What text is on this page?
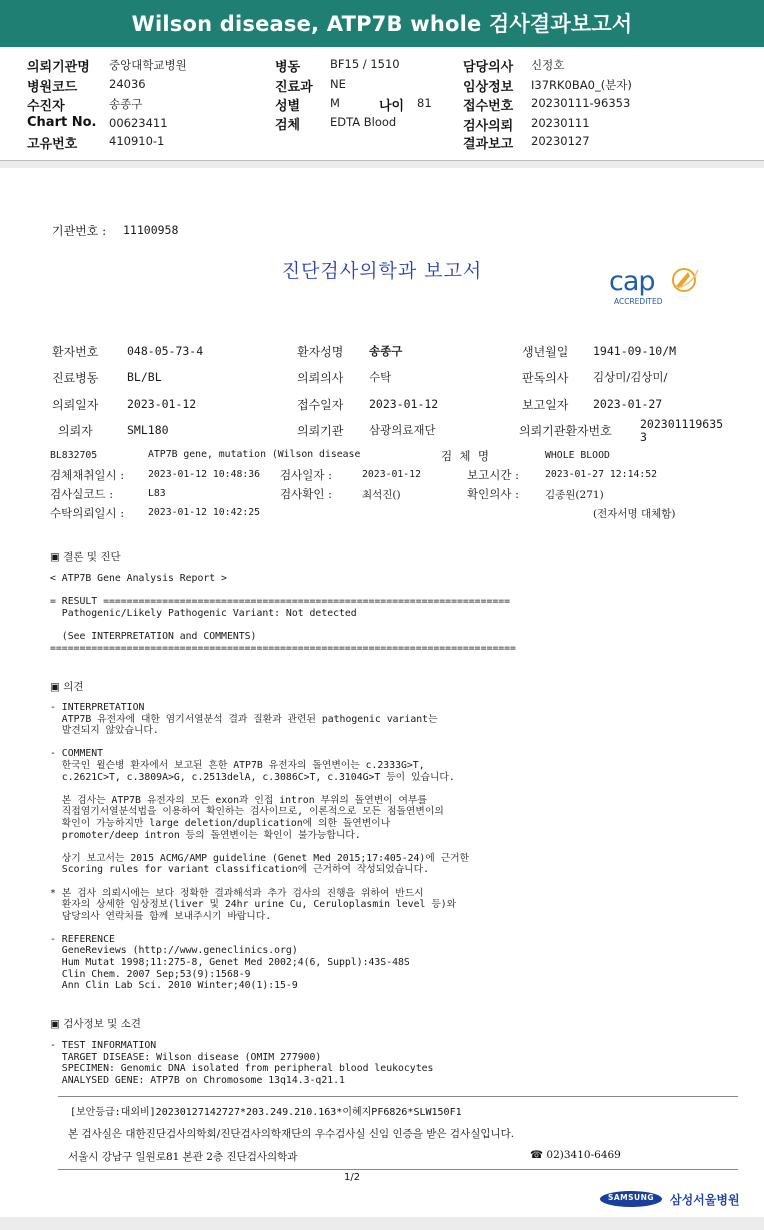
Wilson disease, ATP7B whole 검사결과보고서
의뢰기관명 중앙대학교병원
병원코드	24036
수진자	송종구
Chart No. 00623411
고유번호	410910-1
병동	BF15 / 1510
진료과 NE
성별	M	나이 81
검체	EDTA Blood
담당의사 신정호
임상정보 I37RK0BA0_(분자)
접수번호 20230111-96353
검사의뢰 20230111
결과보고 20230127
기관번호 : 11100958
진단검사의학과 보고서	cap
ACCREDITED
환자번호 048-05-73-4	환자성명 송종구	생년월일 1941-09-10/M
진료병동 BL/BL	의뢰의사 수탁	판독의사 김상미/김상미/
의뢰일자 2023-01-12	접수일자 2023-01-12	보고일자 2023-01-27
의뢰자	SML180	의뢰기관 삼광의료재단	의뢰기관환자번호 202301119635
3
BL832705	ATP7B gene, mutation (Wilson disease	검  체  명	WHOLE BLOOD
검체채취일시 : 2023-01-12 10:48:36 검사일자 :	2023-01-12	보고시간 :	2023-01-27 12:14:52
검사실코드 :	L83	검사확인 :	최석진()	확인의사 : 김종원(271)
수탁의뢰일시 : 2023-01-12 10:42:25	(전자서명 대체함)
▣ 결론 및 진단
< ATP7B Gene Analysis Report >

= RESULT =====================================================================
Pathogenic/Likely Pathogenic Variant: Not detected

(See INTERPRETATION and COMMENTS)
===============================================================================
▣ 의견
- INTERPRETATION
ATP7B 유전자에 대한 염기서열분석 결과 질환과 관련된 pathogenic variant는
발견되지 않았습니다.

- COMMENT
한국인 윌슨병 환자에서 보고된 흔한 ATP7B 유전자의 돌연변이는 c.2333G>T,
c.2621C>T, c.3809A>G, c.2513delA, c.3086C>T, c.3104G>T 등이 있습니다.

본 검사는 ATP7B 유전자의 모든 exon과 인접 intron 부위의 돌연변이 여부를
직접염기서열분석법을 이용하여 확인하는 검사이므로, 이론적으로 모든 점돌연변이의
확인이 가능하지만 large deletion/duplication에 의한 돌연변이나
promoter/deep intron 등의 돌연변이는 확인이 불가능합니다.

상기 보고서는 2015 ACMG/AMP guideline (Genet Med 2015;17:405-24)에 근거한
Scoring rules for variant classification에 근거하여 작성되었습니다.

* 본 검사 의뢰시에는 보다 정확한 결과해석과 추가 검사의 진행을 위하여 반드시
환자의 상세한 임상정보(liver 및 24hr urine Cu, Ceruloplasmin level 등)와
담당의사 연락처를 함께 보내주시기 바랍니다.

- REFERENCE
GeneReviews (http://www.geneclinics.org)
Hum Mutat 1998;11:275-8, Genet Med 2002;4(6, Suppl):43S-48S
Clin Chem. 2007 Sep;53(9):1568-9
Ann Clin Lab Sci. 2010 Winter;40(1):15-9
▣ 검사정보 및 소견
- TEST INFORMATION
TARGET DISEASE: Wilson disease (OMIM 277900)
SPECIMEN: Genomic DNA isolated from peripheral blood leukocytes
ANALYSED GENE: ATP7B on Chromosome 13q14.3-q21.1
[보안등급:대외비]20230127142727*203.249.210.163*이혜지PF6826*SLW150F1
본 검사실은 대한진단검사의학회/진단검사의학재단의 우수검사실 신임 인증을 받은 검사실입니다.
서울시 강남구 일원로81 본관 2층 진단검사의학과	☎ 02)3410-6469
1/2
SAMSUNG	삼성서울병원
